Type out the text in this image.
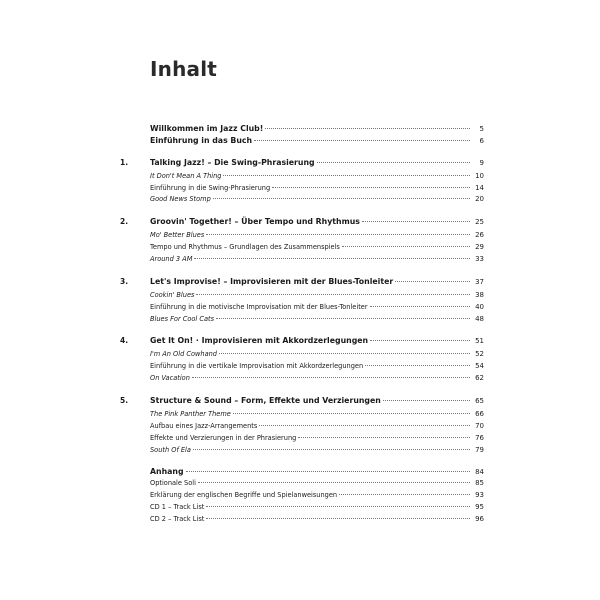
Inhalt
Willkommen im Jazz Club!	5
Einführung in das Buch	6
1.	Talking Jazz! – Die Swing-Phrasierung	9
It Don't Mean A Thing	10
Einführung in die Swing-Phrasierung	14
Good News Stomp	20
2.	Groovin' Together! – Über Tempo und Rhythmus	25
Mo' Better Blues	26
Tempo und Rhythmus – Grundlagen des Zusammenspiels	29
Around 3 AM	33
3.	Let's Improvise! – Improvisieren mit der Blues-Tonleiter	37
Cookin' Blues	38
Einführung in die motivische Improvisation mit der Blues-Tonleiter	40
Blues For Cool Cats	48
4.	Get It On! · Improvisieren mit Akkordzerlegungen	51
I'm An Old Cowhand	52
Einführung in die vertikale Improvisation mit Akkordzerlegungen	54
On Vacation	62
5.	Structure & Sound – Form, Effekte und Verzierungen	65
The Pink Panther Theme	66
Aufbau eines Jazz-Arrangements	70
Effekte und Verzierungen in der Phrasierung	76
South Of Ela	79
Anhang	84
Optionale Soli	85
Erklärung der englischen Begriffe und Spielanweisungen	93
CD 1 – Track List	95
CD 2 – Track List	96
